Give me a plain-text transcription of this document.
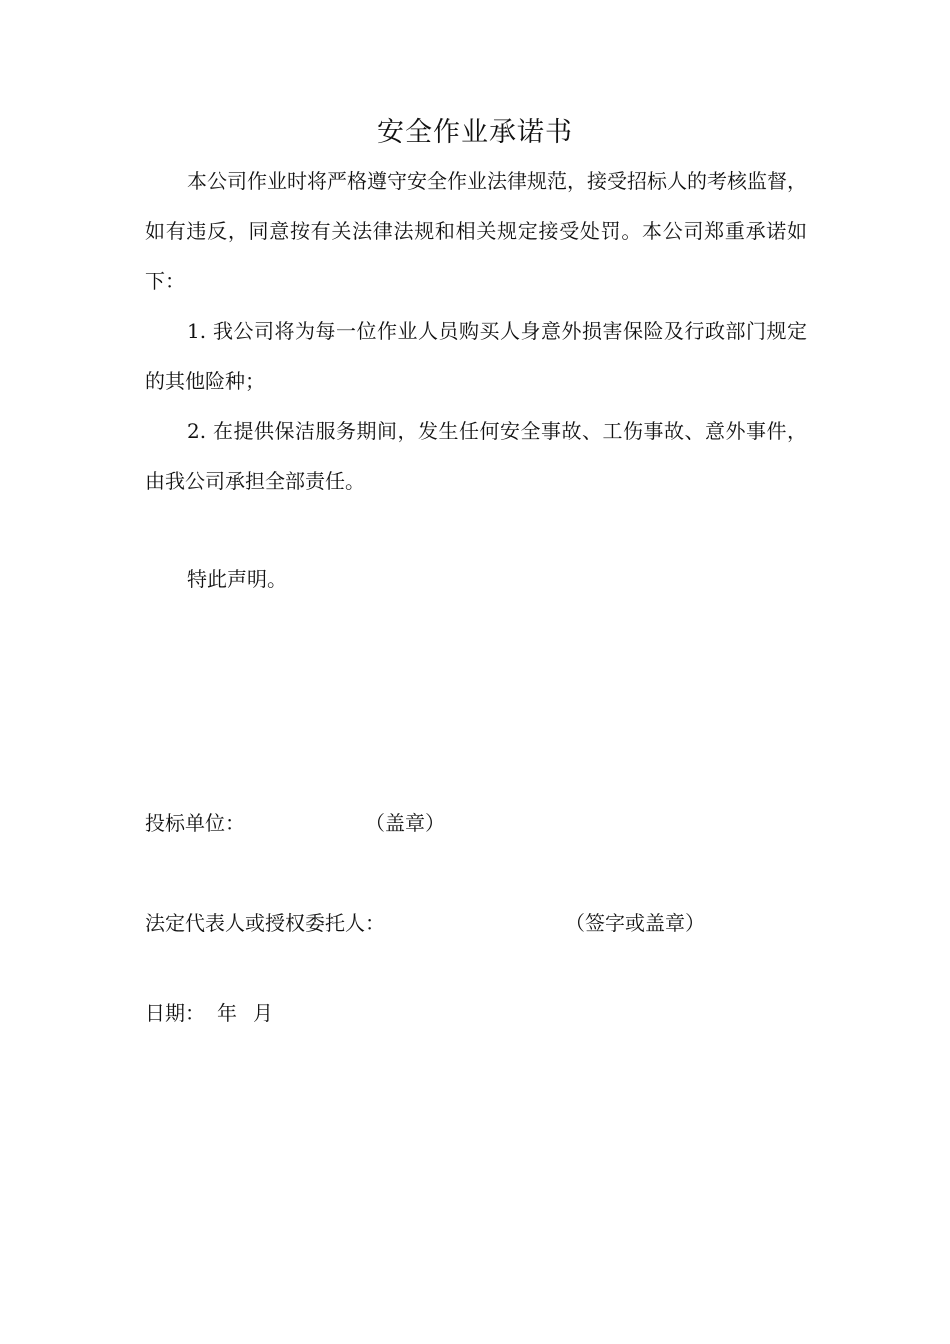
安全作业承诺书

本公司作业时将严格遵守安全作业法律规范，接受招标人的考核监督，如有违反，同意按有关法律法规和相关规定接受处罚。本公司郑重承诺如下：

1. 我公司将为每一位作业人员购买人身意外损害保险及行政部门规定的其他险种；

2. 在提供保洁服务期间，发生任何安全事故、工伤事故、意外事件，由我公司承担全部责任。

特此声明。

投标单位：	（盖章）
法定代表人或授权委托人：	（签字或盖章）
日期： 年 月
